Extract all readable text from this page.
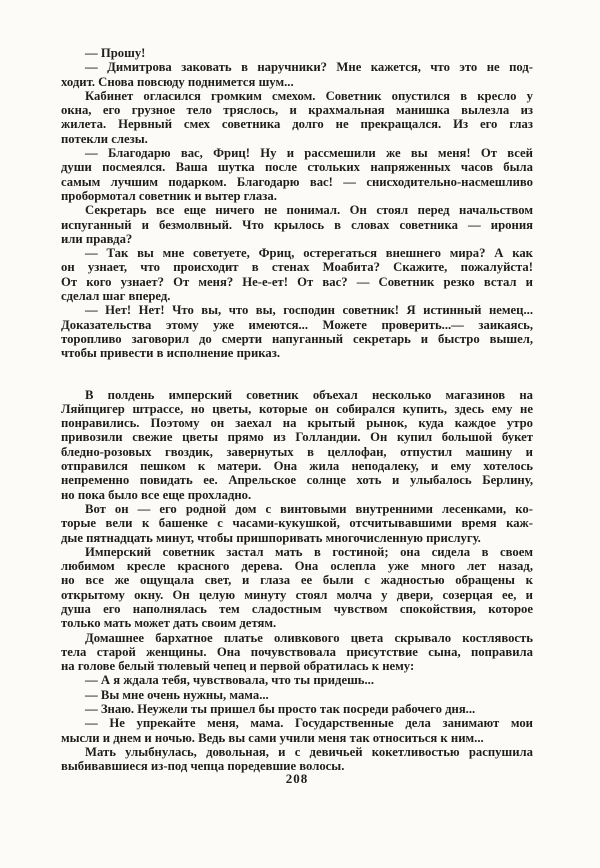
— Прошу!
— Димитрова заковать в наручники? Мне кажется, что это не под-
ходит. Снова повсюду поднимется шум...
Кабинет огласился громким смехом. Советник опустился в кресло у
окна, его грузное тело тряслось, и крахмальная манишка вылезла из
жилета. Нервный смех советника долго не прекращался. Из его глаз
потекли слезы.
— Благодарю вас, Фриц! Ну и рассмешили же вы меня! От всей
души посмеялся. Ваша шутка после стольких напряженных часов была
самым лучшим подарком. Благодарю вас! — снисходительно-насмешливо
пробормотал советник и вытер глаза.
Секретарь все еще ничего не понимал. Он стоял перед начальством
испуганный и безмолвный. Что крылось в словах советника — ирония
или правда?
— Так вы мне советуете, Фриц, остерегаться внешнего мира? А как
он узнает, что происходит в стенах Моабита? Скажите, пожалуйста!
От кого узнает? От меня? Не-е-ет! От вас? — Советник резко встал и
сделал шаг вперед.
— Нет! Нет! Что вы, что вы, господин советник! Я истинный немец...
Доказательства этому уже имеются... Можете проверить...— заикаясь,
торопливо заговорил до смерти напуганный секретарь и быстро вышел,
чтобы привести в исполнение приказ.
В полдень имперский советник объехал несколько магазинов на
Ляйпцигер штрассе, но цветы, которые он собирался купить, здесь ему не
понравились. Поэтому он заехал на крытый рынок, куда каждое утро
привозили свежие цветы прямо из Голландии. Он купил большой букет
бледно-розовых гвоздик, завернутых в целлофан, отпустил машину и
отправился пешком к матери. Она жила неподалеку, и ему хотелось
непременно повидать ее. Апрельское солнце хоть и улыбалось Берлину,
но пока было все еще прохладно.
Вот он — его родной дом с винтовыми внутренними лесенками, ко-
торые вели к башенке с часами-кукушкой, отсчитывавшими время каж-
дые пятнадцать минут, чтобы пришпоривать многочисленную прислугу.
Имперский советник застал мать в гостиной; она сидела в своем
любимом кресле красного дерева. Она ослепла уже много лет назад,
но все же ощущала свет, и глаза ее были с жадностью обращены к
открытому окну. Он целую минуту стоял молча у двери, созерцая ее, и
душа его наполнялась тем сладостным чувством спокойствия, которое
только мать может дать своим детям.
Домашнее бархатное платье оливкового цвета скрывало костлявость
тела старой женщины. Она почувствовала присутствие сына, поправила
на голове белый тюлевый чепец и первой обратилась к нему:
— А я ждала тебя, чувствовала, что ты придешь...
— Вы мне очень нужны, мама...
— Знаю. Неужели ты пришел бы просто так посреди рабочего дня...
— Не упрекайте меня, мама. Государственные дела занимают мои
мысли и днем и ночью. Ведь вы сами учили меня так относиться к ним...
Мать улыбнулась, довольная, и с девичьей кокетливостью распушила
выбивавшиеся из-под чепца поредевшие волосы.
208
